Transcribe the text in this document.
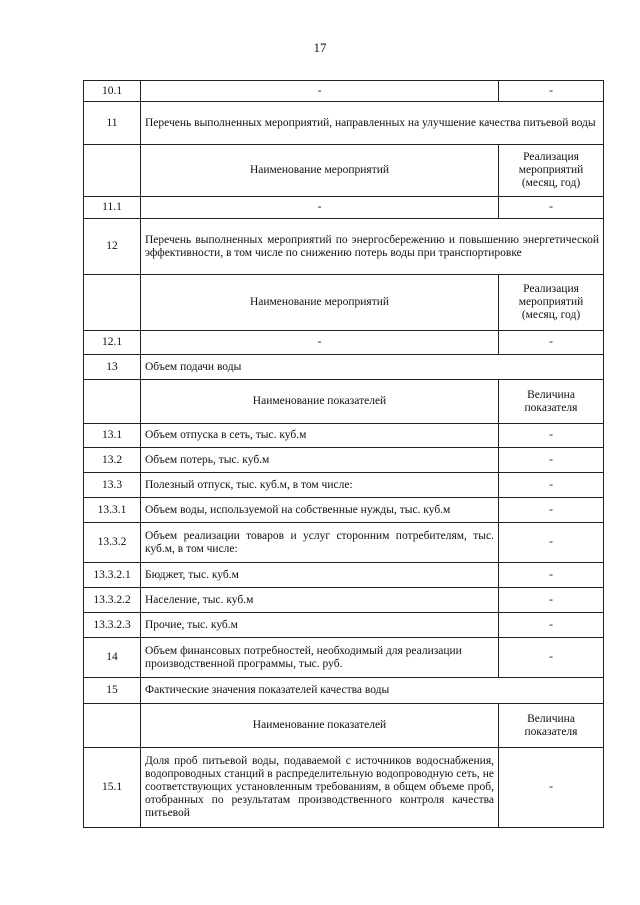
17
10.1	-	-
11	Перечень выполненных мероприятий, направленных на улучшение качества питьевой воды	
	Наименование мероприятий	Реализация мероприятий (месяц, год)
11.1	-	-
12	Перечень выполненных мероприятий по энергосбережению и повышению энергетической эффективности, в том числе по снижению потерь воды при транспортировке	
	Наименование мероприятий	Реализация мероприятий (месяц, год)
12.1	-	-
13	Объем подачи воды	
	Наименование показателей	Величина показателя
13.1	Объем отпуска в сеть, тыс. куб.м	-
13.2	Объем потерь, тыс. куб.м	-
13.3	Полезный отпуск, тыс. куб.м, в том числе:	-
13.3.1	Объем воды, используемой на собственные нужды, тыс. куб.м	-
13.3.2	Объем реализации товаров и услуг сторонним потребителям, тыс. куб.м, в том числе:	-
13.3.2.1	Бюджет, тыс. куб.м	-
13.3.2.2	Население, тыс. куб.м	-
13.3.2.3	Прочие, тыс. куб.м	-
14	Объем финансовых потребностей, необходимый для реализации производственной программы, тыс. руб.	-
15	Фактические значения показателей качества воды	
	Наименование показателей	Величина показателя
15.1	Доля проб питьевой воды, подаваемой с источников водоснабжения, водопроводных станций в распределительную водопроводную сеть, не соответствующих установленным требованиям, в общем объеме проб, отобранных по результатам производственного контроля качества питьевой	-
